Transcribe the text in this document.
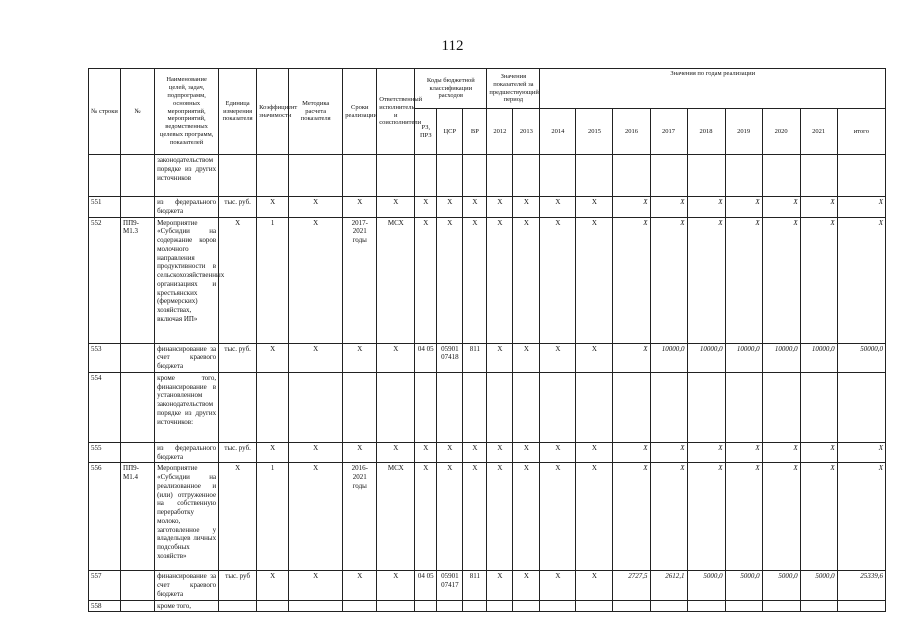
112
№ строки	№	Наименование целей, задач, подпрограмм, основных мероприятий, мероприятий, ведомственных целевых программ, показателей	Единица измерения показателя	Коэффициент значимости	Методика расчета показателя	Сроки реализации	Ответственный исполнитель и соисполнители	Коды бюджетной классификации расходов			Значения показателей за предшествующий период		Значения по годам реализации								
								РЗ, ПРЗ	ЦСР	ВР	2012	2013	2014	2015	2016	2017	2018	2019	2020	2021	итого
		законодательством порядке из других источников																			
551		из федерального бюджета	тыс. руб.	X	X	X	X	X	X	X	X	X	X	X	X	X	X	X	X	X	X
552	ПП9-М1.3	Мероприятие «Субсидии на содержание коров молочного направления продуктивности в сельскохозяйственных организациях и крестьянских (фермерских) хозяйствах, включая ИП»	X	1	X	2017-2021 годы	МСХ	X	X	X	X	X	X	X	X	X	X	X	X	X	X
553		финансирование за счет краевого бюджета	тыс. руб.	X	X	X	X	04 05	05901 07418	811	X	X	X	X	X	10000,0	10000,0	10000,0	10000,0	10000,0	50000,0
554		кроме того, финансирование в установленном законодательством порядке из других источников:																			
555		из федерального бюджета	тыс. руб.	X	X	X	X	X	X	X	X	X	X	X	X	X	X	X	X	X	X
556	ПП9-М1.4	Мероприятие «Субсидии на реализованное и (или) отгруженное на собственную переработку молоко, заготовленное у владельцев личных подсобных хозяйств»	X	1	X	2016-2021 годы	МСХ	X	X	X	X	X	X	X	X	X	X	X	X	X	X
557		финансирование за счет краевого бюджета	тыс. руб	X	X	X	X	04 05	05901 07417	811	X	X	X	X	2727,5	2612,1	5000,0	5000,0	5000,0	5000,0	25339,6
558		кроме того,																			
